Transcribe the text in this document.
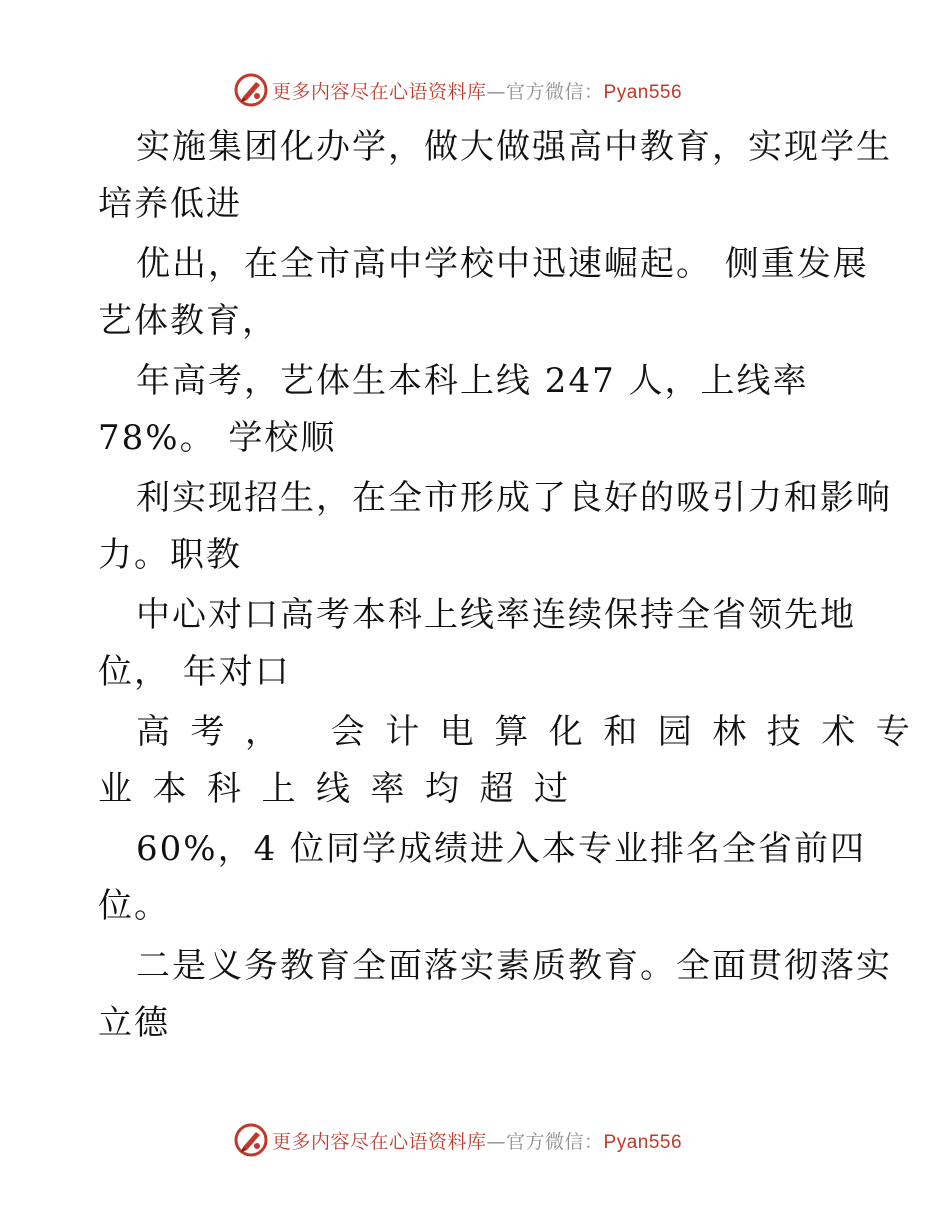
更多内容尽在心语资料库—官方微信：Pyan556
实施集团化办学，做大做强高中教育，实现学生
培养低进
优出，在全市高中学校中迅速崛起。 侧重发展
艺体教育，
年高考，艺体生本科上线 247 人，上线率
78%。 学校顺
利实现招生，在全市形成了良好的吸引力和影响
力。职教
中心对口高考本科上线率连续保持全省领先地
位， 年对口
高考， 会计电算化和园林技术专
业本科上线率均超过
60%，4 位同学成绩进入本专业排名全省前四
位。
二是义务教育全面落实素质教育。全面贯彻落实
立德
更多内容尽在心语资料库—官方微信：Pyan556
